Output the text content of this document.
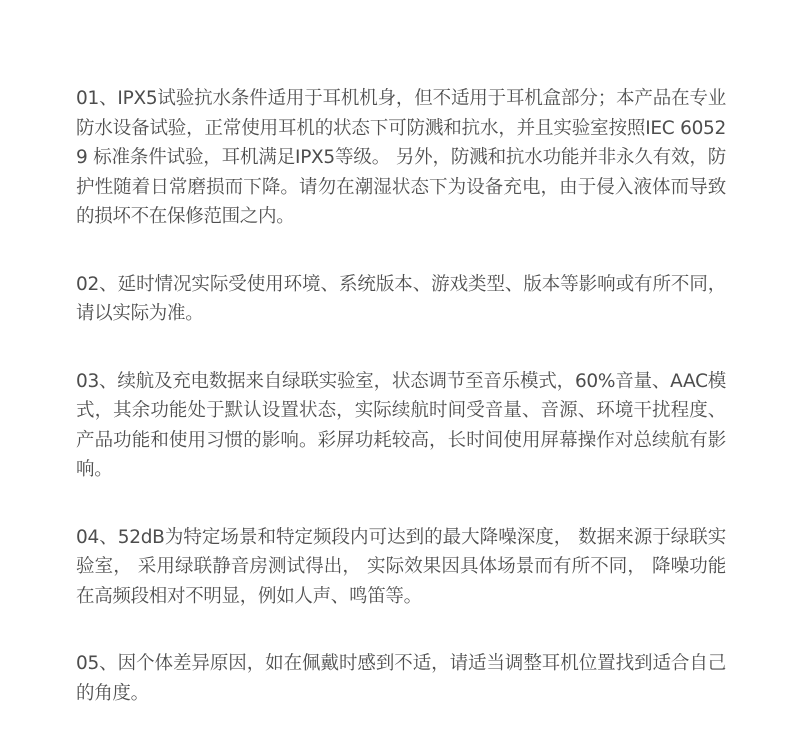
01、IPX5试验抗水条件适用于耳机机身，但不适用于耳机盒部分；本产品在专业防水设备试验，正常使用耳机的状态下可防溅和抗水，并且实验室按照IEC 60529 标准条件试验，耳机满足IPX5等级。 另外，防溅和抗水功能并非永久有效，防护性随着日常磨损而下降。请勿在潮湿状态下为设备充电，由于侵入液体而导致的损坏不在保修范围之内。
02、延时情况实际受使用环境、系统版本、游戏类型、版本等影响或有所不同，请以实际为准。
03、续航及充电数据来自绿联实验室，状态调节至音乐模式，60%音量、AAC模式，其余功能处于默认设置状态，实际续航时间受音量、音源、环境干扰程度、产品功能和使用习惯的影响。彩屏功耗较高，长时间使用屏幕操作对总续航有影响。
04、52dB为特定场景和特定频段内可达到的最大降噪深度， 数据来源于绿联实验室， 采用绿联静音房测试得出， 实际效果因具体场景而有所不同， 降噪功能在高频段相对不明显，例如人声、鸣笛等。
05、因个体差异原因，如在佩戴时感到不适，请适当调整耳机位置找到适合自己的角度。
